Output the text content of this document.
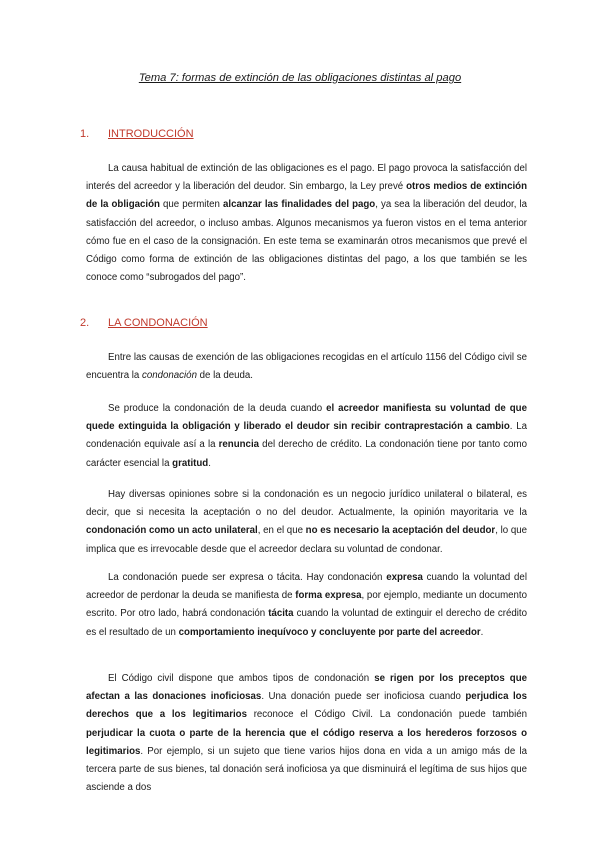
Tema 7: formas de extinción de las obligaciones distintas al pago
1.	INTRODUCCIÓN
La causa habitual de extinción de las obligaciones es el pago. El pago provoca la satisfacción del interés del acreedor y la liberación del deudor. Sin embargo, la Ley prevé otros medios de extinción de la obligación que permiten alcanzar las finalidades del pago, ya sea la liberación del deudor, la satisfacción del acreedor, o incluso ambas. Algunos mecanismos ya fueron vistos en el tema anterior cómo fue en el caso de la consignación. En este tema se examinarán otros mecanismos que prevé el Código como forma de extinción de las obligaciones distintas del pago, a los que también se les conoce como “subrogados del pago”.
2.	LA CONDONACIÓN
Entre las causas de exención de las obligaciones recogidas en el artículo 1156 del Código civil se encuentra la condonación de la deuda.
Se produce la condonación de la deuda cuando el acreedor manifiesta su voluntad de que quede extinguida la obligación y liberado el deudor sin recibir contraprestación a cambio. La condenación equivale así a la renuncia del derecho de crédito. La condonación tiene por tanto como carácter esencial la gratitud.
Hay diversas opiniones sobre si la condonación es un negocio jurídico unilateral o bilateral, es decir, que si necesita la aceptación o no del deudor. Actualmente, la opinión mayoritaria ve la condonación como un acto unilateral, en el que no es necesario la aceptación del deudor, lo que implica que es irrevocable desde que el acreedor declara su voluntad de condonar.
La condonación puede ser expresa o tácita. Hay condonación expresa cuando la voluntad del acreedor de perdonar la deuda se manifiesta de forma expresa, por ejemplo, mediante un documento escrito. Por otro lado, habrá condonación tácita cuando la voluntad de extinguir el derecho de crédito es el resultado de un comportamiento inequívoco y concluyente por parte del acreedor.
El Código civil dispone que ambos tipos de condonación se rigen por los preceptos que afectan a las donaciones inoficiosas. Una donación puede ser inoficiosa cuando perjudica los derechos que a los legitimarios reconoce el Código Civil. La condonación puede también perjudicar la cuota o parte de la herencia que el código reserva a los herederos forzosos o legitimarios. Por ejemplo, si un sujeto que tiene varios hijos dona en vida a un amigo más de la tercera parte de sus bienes, tal donación será inoficiosa ya que disminuirá el legítima de sus hijos que asciende a dos
